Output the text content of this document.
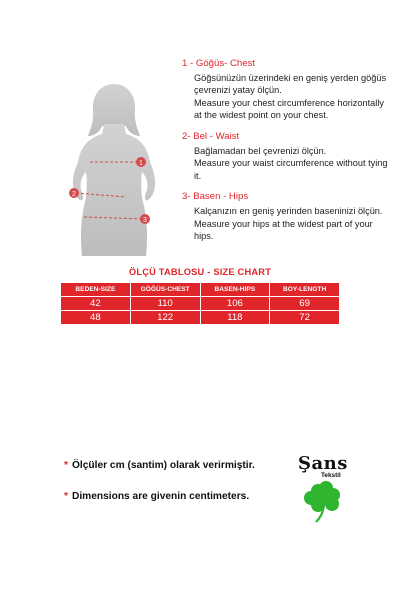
1
2
3
1 - Göğüs- Chest
Göğsünüzün üzerindeki en geniş yerden göğüs çevrenizi yatay ölçün.
Measure your chest circumference horizontally at the widest point on your chest.
2- Bel - Waist
Bağlamadan bel çevrenizi ölçün.
Measure your waist circumference without tying it.
3- Basen - Hips
Kalçanızın en geniş yerinden baseninizi ölçün.
Measure your hips at the widest part of your hips.
ÖLÇÜ TABLOSU - SIZE CHART
BEDEN-SIZE	GÖĞÜS-CHEST	BASEN-HIPS	BOY-LENGTH
42	110	106	69
48	122	118	72
* Ölçüler cm (santim) olarak verirmiştir.
* Dimensions are givenin centimeters.
Şans
Tekstil
